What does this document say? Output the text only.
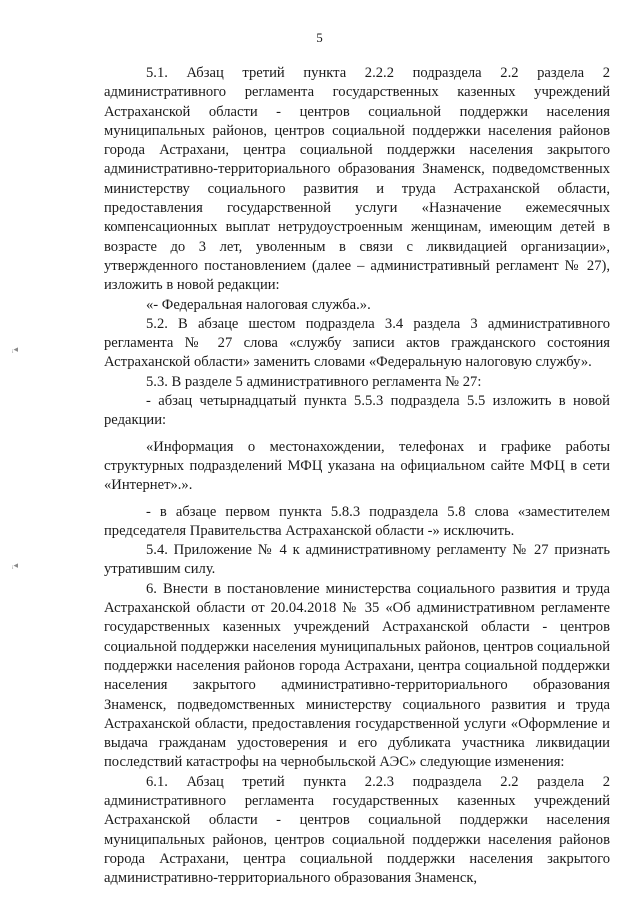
5
ᵢ◂
ᵢ◂

5.1. Абзац третий пункта 2.2.2 подраздела 2.2 раздела 2 административного регламента государственных казенных учреждений Астраханской области - центров социальной поддержки населения муниципальных районов, центров социальной поддержки населения районов города Астрахани, центра социальной поддержки населения закрытого административно-территориального образования Знаменск, подведомственных министерству социального развития и труда Астраханской области, предоставления государственной услуги «Назначение ежемесячных компенсационных выплат нетрудоустроенным женщинам, имеющим детей в возрасте до 3 лет, уволенным в связи с ликвидацией организации», утвержденного постановлением (далее – административный регламент № 27), изложить в новой редакции:

«- Федеральная налоговая служба.».

5.2. В абзаце шестом подраздела 3.4 раздела 3 административного регламента № 27 слова «службу записи актов гражданского состояния Астраханской области» заменить словами «Федеральную налоговую службу».

5.3. В разделе 5 административного регламента № 27:

- абзац четырнадцатый пункта 5.5.3 подраздела 5.5 изложить в новой редакции:

«Информация о местонахождении, телефонах и графике работы структурных подразделений МФЦ указана на официальном сайте МФЦ в сети «Интернет».».

- в абзаце первом пункта 5.8.3 подраздела 5.8 слова «заместителем председателя Правительства Астраханской области -» исключить.

5.4. Приложение № 4 к административному регламенту № 27 признать утратившим силу.

6. Внести в постановление министерства социального развития и труда Астраханской области от 20.04.2018 № 35 «Об административном регламенте государственных казенных учреждений Астраханской области - центров социальной поддержки населения муниципальных районов, центров социальной поддержки населения районов города Астрахани, центра социальной поддержки населения закрытого административно-территориального образования Знаменск, подведомственных министерству социального развития и труда Астраханской области, предоставления государственной услуги «Оформление и выдача гражданам удостоверения и его дубликата участника ликвидации последствий катастрофы на чернобыльской АЭС» следующие изменения:

6.1. Абзац третий пункта 2.2.3 подраздела 2.2 раздела 2 административного регламента государственных казенных учреждений Астраханской области - центров социальной поддержки населения муниципальных районов, центров социальной поддержки населения районов города Астрахани, центра социальной поддержки населения закрытого административно-территориального образования Знаменск,
